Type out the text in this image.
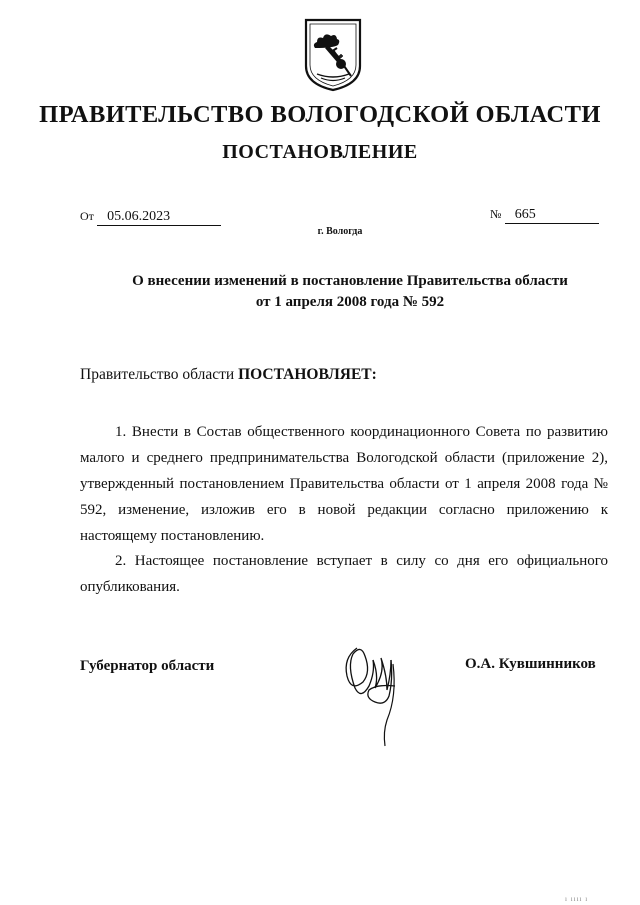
ПРАВИТЕЛЬСТВО ВОЛОГОДСКОЙ ОБЛАСТИ
ПОСТАНОВЛЕНИЕ
От 05.06.2023	№ 665
г. Вологда
О внесении изменений в постановление Правительства области
от 1 апреля 2008 года № 592
Правительство области ПОСТАНОВЛЯЕТ:

1. Внести в Состав общественного координационного Совета по развитию малого и среднего предпринимательства Вологодской области (приложение 2), утвержденный постановлением Правительства области от 1 апреля 2008 года № 592, изменение, изложив его в новой редакции согласно приложению к настоящему постановлению.

2. Настоящее постановление вступает в силу со дня его официального опубликования.

Губернатор области	О.А. Кувшинников
ı ıııı ı
